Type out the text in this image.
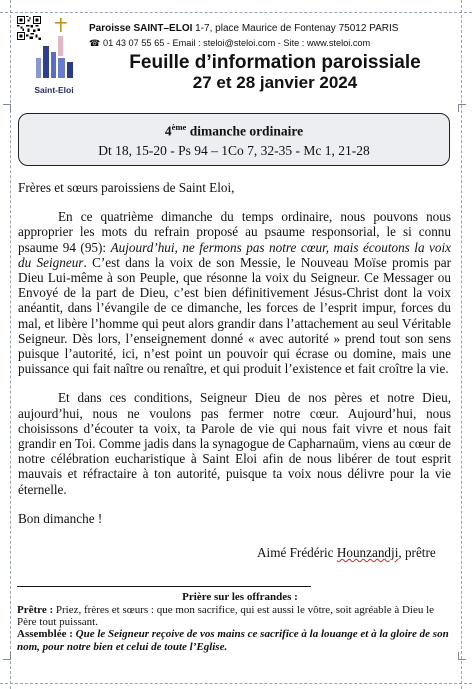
Saint-Eloi
Paroisse SAINT–ELOI 1-7, place Maurice de Fontenay 75012 PARIS
☎ 01 43 07 55 65 - Email : steloi@steloi.com - Site : www.steloi.com
Feuille d’information paroissiale
27 et 28 janvier 2024
4ème dimanche ordinaire
Dt 18, 15-20 - Ps 94 – 1Co 7, 32-35 - Mc 1, 21-28

Frères et sœurs paroissiens de Saint Eloi,

En ce quatrième dimanche du temps ordinaire, nous pouvons nous approprier les mots du refrain proposé au psaume responsorial, le si connu psaume 94 (95): Aujourd’hui, ne fermons pas notre cœur, mais écoutons la voix du Seigneur. C’est dans la voix de son Messie, le Nouveau Moïse promis par Dieu Lui-même à son Peuple, que résonne la voix du Seigneur. Ce Messager ou Envoyé de la part de Dieu, c’est bien définitivement Jésus-Christ dont la voix anéantit, dans l’évangile de ce dimanche, les forces de l’esprit impur, forces du mal, et libère l’homme qui peut alors grandir dans l’attachement au seul Véritable Seigneur. Dès lors, l’enseignement donné « avec autorité » prend tout son sens puisque l’autorité, ici, n’est point un pouvoir qui écrase ou domine, mais une puissance qui fait naître ou renaître, et qui produit l’existence et fait croître la vie.

Et dans ces conditions, Seigneur Dieu de nos pères et notre Dieu, aujourd’hui, nous ne voulons pas fermer notre cœur. Aujourd’hui, nous choisissons d’écouter ta voix, ta Parole de vie qui nous fait vivre et nous fait grandir en Toi. Comme jadis dans la synagogue de Capharnaüm, viens au cœur de notre célébration eucharistique à Saint Eloi afin de nous libérer de tout esprit mauvais et réfractaire à ton autorité, puisque ta voix nous délivre pour la vie éternelle.

Bon dimanche !

Aimé Frédéric Hounzandji, prêtre
Prière sur les offrandes :

Prêtre : Priez, frères et sœurs : que mon sacrifice, qui est aussi le vôtre, soit agréable à Dieu le Père tout puissant.

Assemblée : Que le Seigneur reçoive de vos mains ce sacrifice à la louange et à la gloire de son nom, pour notre bien et celui de toute l’Eglise.
